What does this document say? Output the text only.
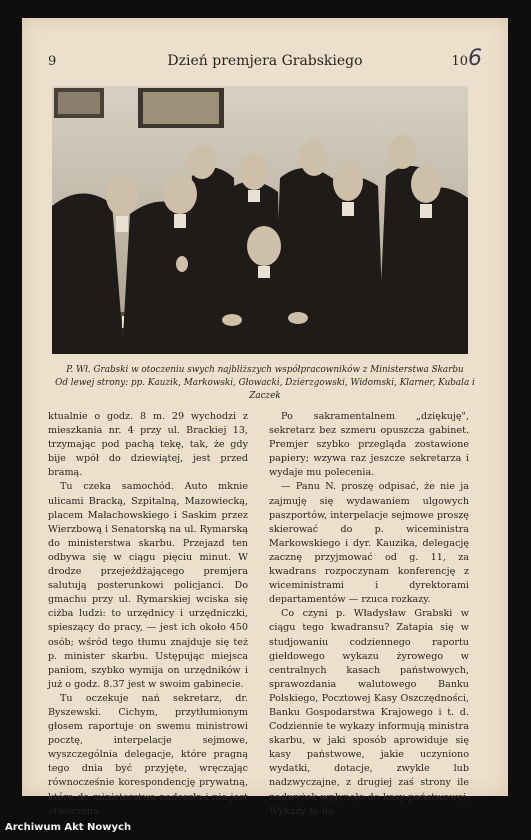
9	Dzień premjera Grabskiego	10 6
P. Wł. Grabski w otoczeniu swych najbliższych współpracowników z Ministerstwa Skarbu
Od lewej strony: pp. Kauzik, Markowski, Głowacki, Dzierzgowski, Widomski, Klarner, Kubala i Zaczek

ktualnie o godz. 8 m. 29 wychodzi z mieszkania nr. 4 przy ul. Brackiej 13, trzymając pod pachą tekę, tak, że gdy bije wpół do dziewiątej, jest przed bramą.

Tu czeka samochód. Auto mknie ulicami Bracką, Szpitalną, Mazowiecką, placem Małachowskiego i Saskim przez Wierzbową i Senatorską na ul. Rymarską do ministerstwa skarbu. Przejazd ten odbywa się w ciągu pięciu minut. W drodze przejeżdżającego premjera salutują posterunkowi policjanci. Do gmachu przy ul. Rymarskiej wciska się ciżba ludzi: to urzędnicy i urzędniczki, spieszący do pracy, — jest ich około 450 osób; wśród tego tłumu znajduje się też p. minister skarbu. Ustępując miejsca paniom, szybko wymija on urzędników i już o godz. 8.37 jest w swoim gabinecie.

Tu oczekuje nań sekretarz, dr. Byszewski. Cichym, przytłumionym głosem raportuje on swemu ministrowi pocztę, interpelacje sejmowe, wyszczególnia delegacje, które pragną tego dnia być przyjęte, wręczając równocześnie korespondencję prywatną, która do ministerstwa nadeszła i nie jest otworzona.

Po sakramentalnem „dziękuję", sekretarz bez szmeru opuszcza gabinet. Premjer szybko przegląda zostawione papiery; wzywa raz jeszcze sekretarza i wydaje mu polecenia.

— Panu N. proszę odpisać, że nie ja zajmuję się wydawaniem ulgowych paszportów, interpelacje sejmowe proszę skierować do p. wiceministra Markowskiego i dyr. Kauzika, delegację zacznę przyjmować od g. 11, za kwadrans rozpoczynam konferencję z wiceministrami i dyrektorami departamentów — rzuca rozkazy.

Co czyni p. Władysław Grabski w ciągu tego kwadransu? Zatapia się w studjowaniu codziennego raportu giełdowego wykazu żyrowego w centralnych kasach państwowych, sprawozdania walutowego Banku Polskiego, Pocztowej Kasy Oszczędności, Banku Gospodarstwa Krajowego i t. d. Codziennie te wykazy informują ministra skarbu, w jaki sposób aprowiduje się kasy państwowe, jakie uczyniono wydatki, dotacje, zwykle lub nadzwyczajne, z drugiej zaś strony ile nadwyżek wpłynęło do kasy państwowej. Wykazy te da-

Archiwum Akt Nowych
